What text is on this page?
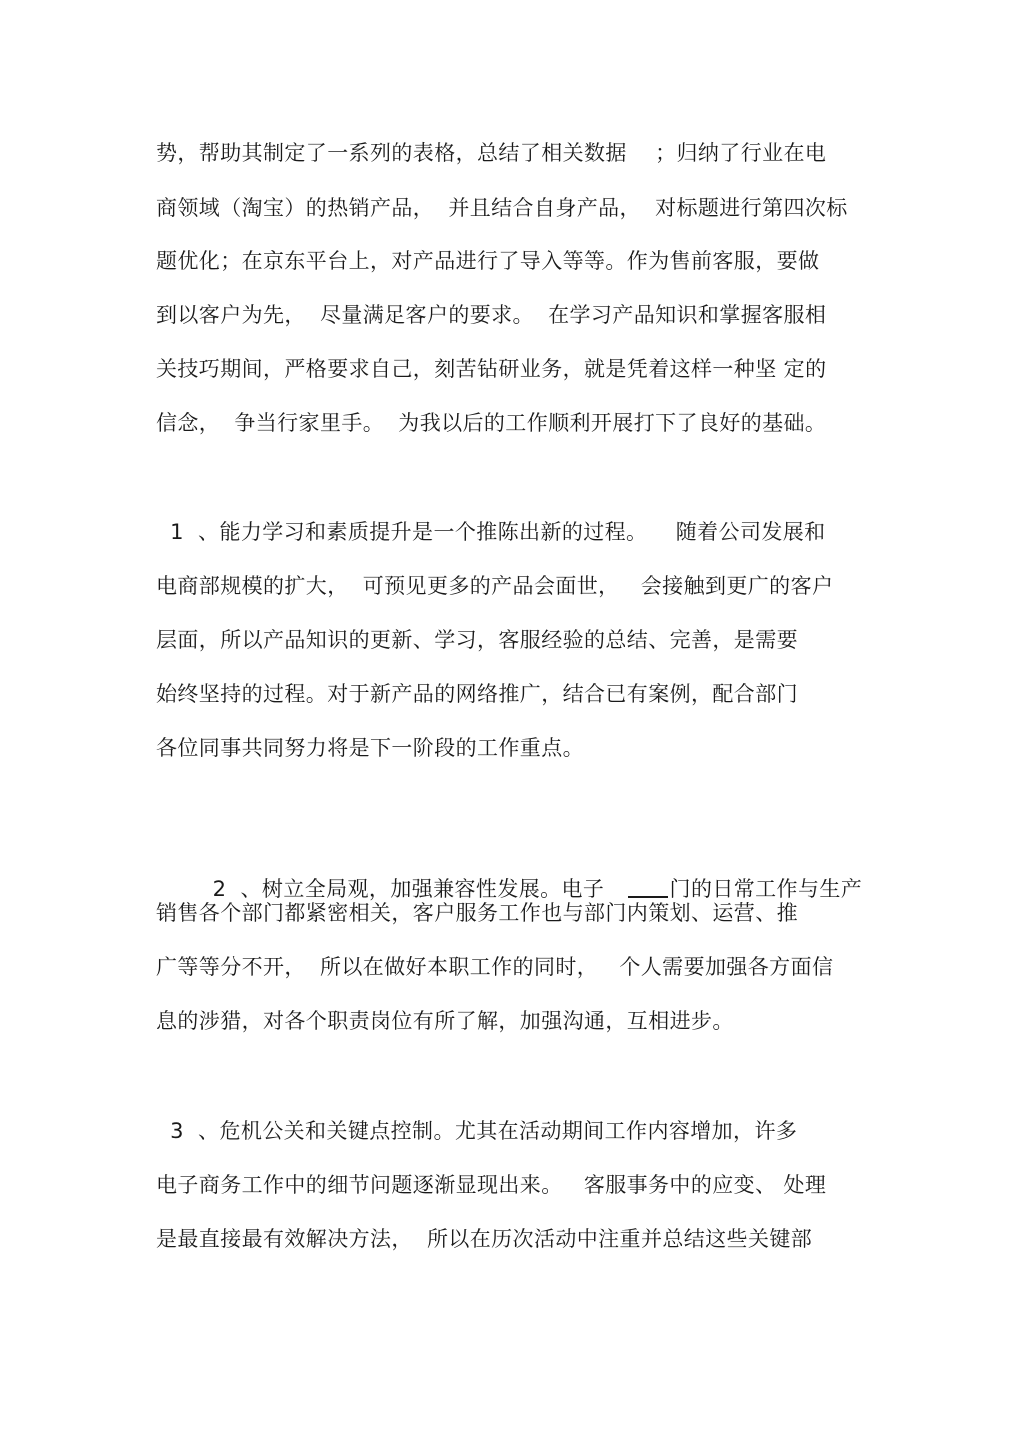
势，帮助其制定了一系列的表格，总结了相关数据    ；归纳了行业在电
商领域（淘宝）的热销产品，  并且结合自身产品，  对标题进行第四次标
题优化；在京东平台上，对产品进行了导入等等。作为售前客服，要做
到以客户为先，  尽量满足客户的要求。  在学习产品知识和掌握客服相
关技巧期间，严格要求自己，刻苦钻研业务，就是凭着这样一种坚 定的
信念，  争当行家里手。  为我以后的工作顺利开展打下了良好的基础。
1  、能力学习和素质提升是一个推陈出新的过程。    随着公司发展和
电商部规模的扩大，  可预见更多的产品会面世，   会接触到更广的客户
层面，所以产品知识的更新、学习，客服经验的总结、完善，是需要
始终坚持的过程。对于新产品的网络推广，结合已有案例，配合部门
各位同事共同努力将是下一阶段的工作重点。

2  、树立全局观，加强兼容性发展。电子   门的日常工作与生产

销售各个部门都紧密相关，客户服务工作也与部门内策划、运营、推
广等等分不开，  所以在做好本职工作的同时，   个人需要加强各方面信
息的涉猎，对各个职责岗位有所了解，加强沟通，互相进步。
3  、危机公关和关键点控制。尤其在活动期间工作内容增加，许多
电子商务工作中的细节问题逐渐显现出来。   客服事务中的应变、 处理
是最直接最有效解决方法，  所以在历次活动中注重并总结这些关键部
